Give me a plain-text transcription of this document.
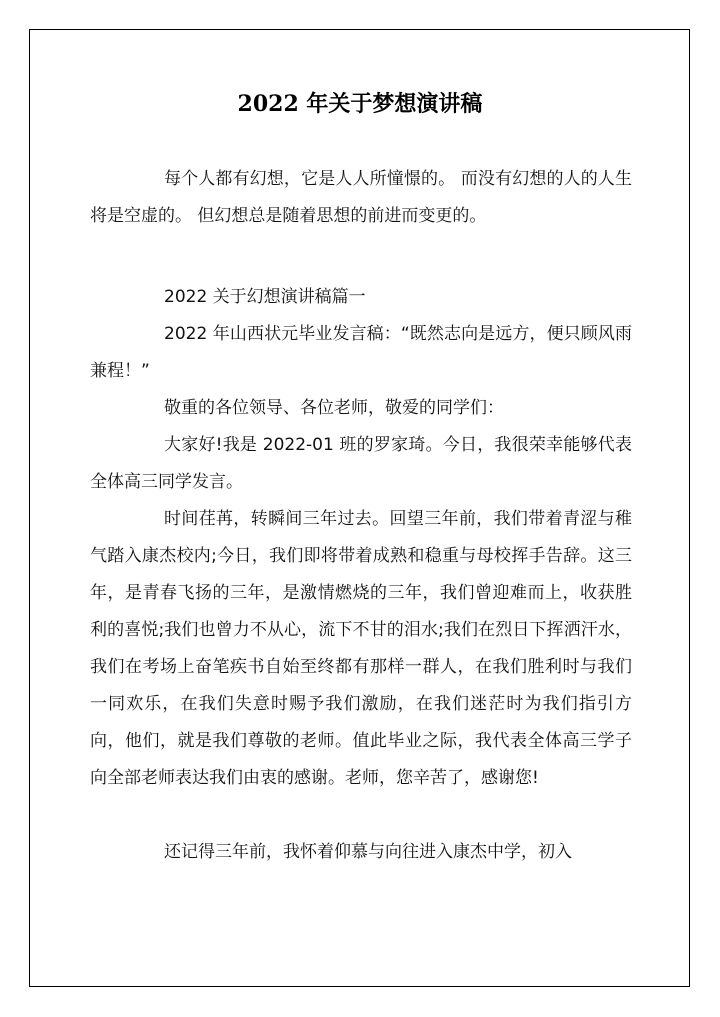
2022 年关于梦想演讲稿

每个人都有幻想，它是人人所憧憬的。 而没有幻想的人的人生将是空虚的。 但幻想总是随着思想的前进而变更的。

2022 关于幻想演讲稿篇一

2022 年山西状元毕业发言稿：“既然志向是远方，便只顾风雨兼程！”

敬重的各位领导、各位老师，敬爱的同学们：

大家好!我是 2022-01 班的罗家琦。今日，我很荣幸能够代表全体高三同学发言。

时间荏苒，转瞬间三年过去。回望三年前，我们带着青涩与稚气踏入康杰校内;今日，我们即将带着成熟和稳重与母校挥手告辞。这三年，是青春飞扬的三年，是激情燃烧的三年，我们曾迎难而上，收获胜利的喜悦;我们也曾力不从心，流下不甘的泪水;我们在烈日下挥洒汗水，我们在考场上奋笔疾书自始至终都有那样一群人，在我们胜利时与我们一同欢乐，在我们失意时赐予我们激励，在我们迷茫时为我们指引方向，他们，就是我们尊敬的老师。值此毕业之际，我代表全体高三学子向全部老师表达我们由衷的感谢。老师，您辛苦了，感谢您!

还记得三年前，我怀着仰慕与向往进入康杰中学，初入
